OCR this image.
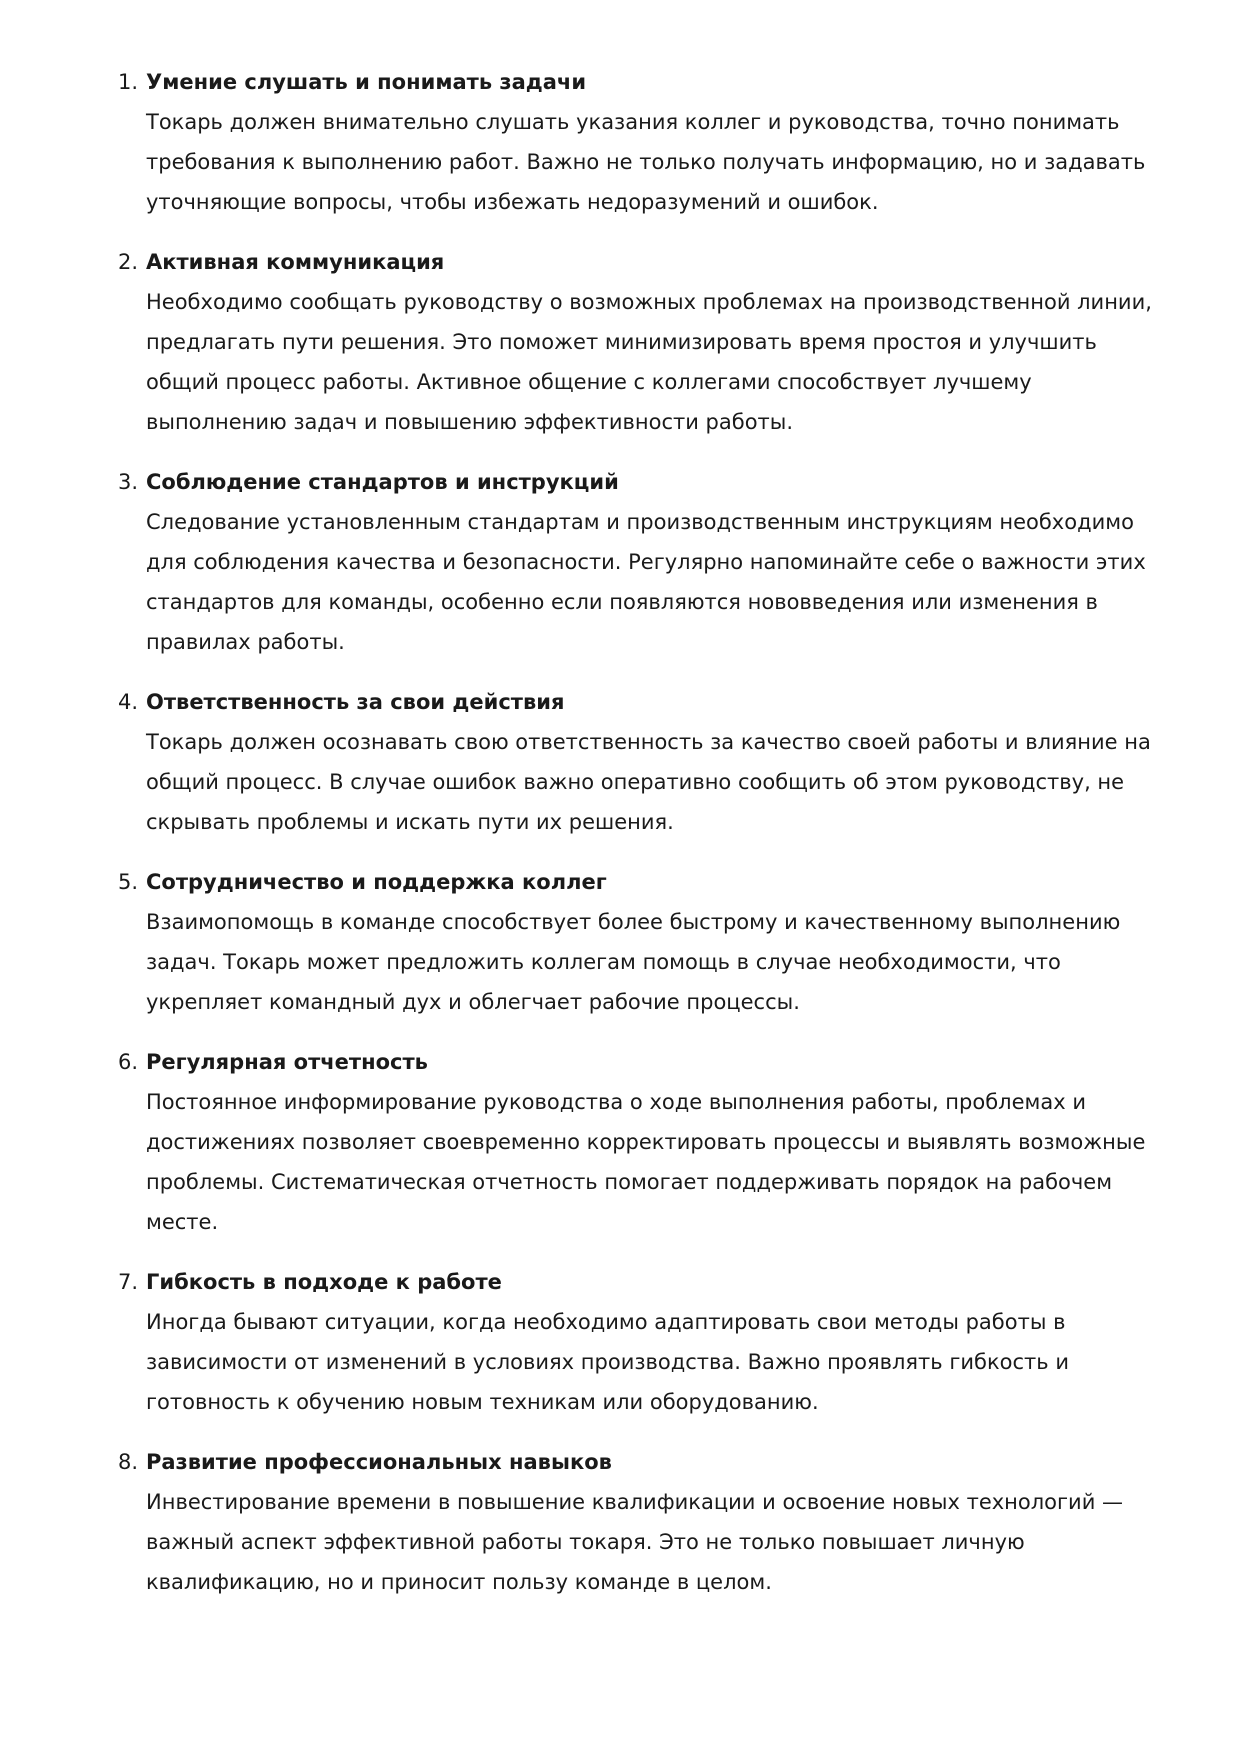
1. Умение слушать и понимать задачи

Токарь должен внимательно слушать указания коллег и руководства, точно понимать требования к выполнению работ. Важно не только получать информацию, но и задавать уточняющие вопросы, чтобы избежать недоразумений и ошибок.

2. Активная коммуникация

Необходимо сообщать руководству о возможных проблемах на производственной линии, предлагать пути решения. Это поможет минимизировать время простоя и улучшить общий процесс работы. Активное общение с коллегами способствует лучшему выполнению задач и повышению эффективности работы.

3. Соблюдение стандартов и инструкций

Следование установленным стандартам и производственным инструкциям необходимо для соблюдения качества и безопасности. Регулярно напоминайте себе о важности этих стандартов для команды, особенно если появляются нововведения или изменения в правилах работы.

4. Ответственность за свои действия

Токарь должен осознавать свою ответственность за качество своей работы и влияние на общий процесс. В случае ошибок важно оперативно сообщить об этом руководству, не скрывать проблемы и искать пути их решения.

5. Сотрудничество и поддержка коллег

Взаимопомощь в команде способствует более быстрому и качественному выполнению задач. Токарь может предложить коллегам помощь в случае необходимости, что укрепляет командный дух и облегчает рабочие процессы.

6. Регулярная отчетность

Постоянное информирование руководства о ходе выполнения работы, проблемах и достижениях позволяет своевременно корректировать процессы и выявлять возможные проблемы. Систематическая отчетность помогает поддерживать порядок на рабочем месте.

7. Гибкость в подходе к работе

Иногда бывают ситуации, когда необходимо адаптировать свои методы работы в зависимости от изменений в условиях производства. Важно проявлять гибкость и готовность к обучению новым техникам или оборудованию.

8. Развитие профессиональных навыков

Инвестирование времени в повышение квалификации и освоение новых технологий — важный аспект эффективной работы токаря. Это не только повышает личную квалификацию, но и приносит пользу команде в целом.
